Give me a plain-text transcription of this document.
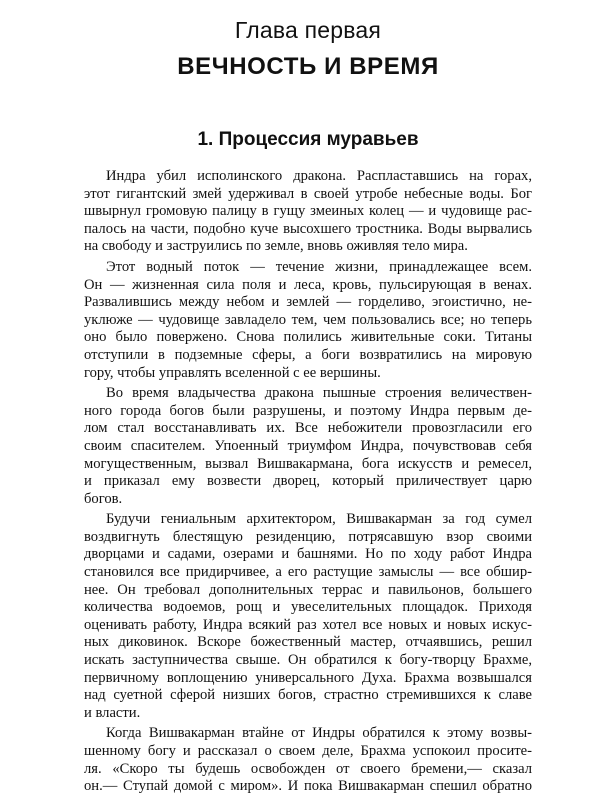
Глава первая
ВЕЧНОСТЬ И ВРЕМЯ
1. Процессия муравьев
Индра убил исполинского дракона. Распластавшись на горах,
этот гигантский змей удерживал в своей утробе небесные воды. Бог
швырнул громовую палицу в гущу змеиных колец — и чудовище рас-
палось на части, подобно куче высохшего тростника. Воды вырвались
на свободу и заструились по земле, вновь оживляя тело мира.
Этот водный поток — течение жизни, принадлежащее всем.
Он — жизненная сила поля и леса, кровь, пульсирующая в венах.
Развалившись между небом и землей — горделиво, эгоистично, не-
уклюже — чудовище завладело тем, чем пользовались все; но теперь
оно было повержено. Снова полились живительные соки. Титаны
отступили в подземные сферы, а боги возвратились на мировую
гору, чтобы управлять вселенной с ее вершины.
Во время владычества дракона пышные строения величествен-
ного города богов были разрушены, и поэтому Индра первым де-
лом стал восстанавливать их. Все небожители провозгласили его
своим спасителем. Упоенный триумфом Индра, почувствовав себя
могущественным, вызвал Вишвакармана, бога искусств и ремесел,
и приказал ему возвести дворец, который приличествует царю
богов.
Будучи гениальным архитектором, Вишвакарман за год сумел
воздвигнуть блестящую резиденцию, потрясавшую взор своими
дворцами и садами, озерами и башнями. Но по ходу работ Индра
становился все придирчивее, а его растущие замыслы — все обшир-
нее. Он требовал дополнительных террас и павильонов, большего
количества водоемов, рощ и увеселительных площадок. Приходя
оценивать работу, Индра всякий раз хотел все новых и новых искус-
ных диковинок. Вскоре божественный мастер, отчаявшись, решил
искать заступничества свыше. Он обратился к богу-творцу Брахме,
первичному воплощению универсального Духа. Брахма возвышался
над суетной сферой низших богов, страстно стремившихся к славе
и власти.
Когда Вишвакарман втайне от Индры обратился к этому возвы-
шенному богу и рассказал о своем деле, Брахма успокоил просите-
ля. «Скоро ты будешь освобожден от своего бремени,— сказал
он.— Ступай домой с миром». И пока Вишвакарман спешил обратно
